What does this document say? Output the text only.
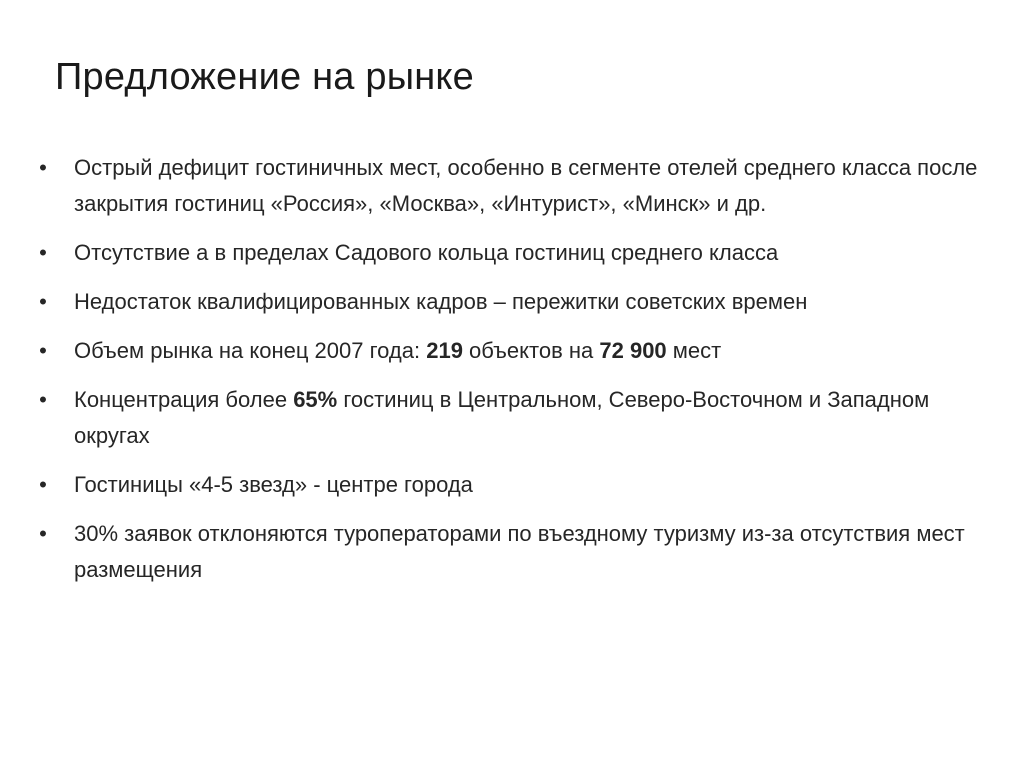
Предложение на рынке
• Острый дефицит гостиничных мест, особенно в сегменте отелей среднего класса после закрытия гостиниц «Россия», «Москва», «Интурист», «Минск» и др.
• Отсутствие а в пределах Садового кольца гостиниц среднего класса
• Недостаток квалифицированных кадров – пережитки советских времен
• Объем рынка на конец 2007 года: 219 объектов на 72 900 мест
• Концентрация более 65% гостиниц в Центральном, Северо-Восточном и Западном округах
• Гостиницы «4-5 звезд» - центре города
• 30% заявок отклоняются туроператорами по въездному туризму из-за отсутствия мест размещения
